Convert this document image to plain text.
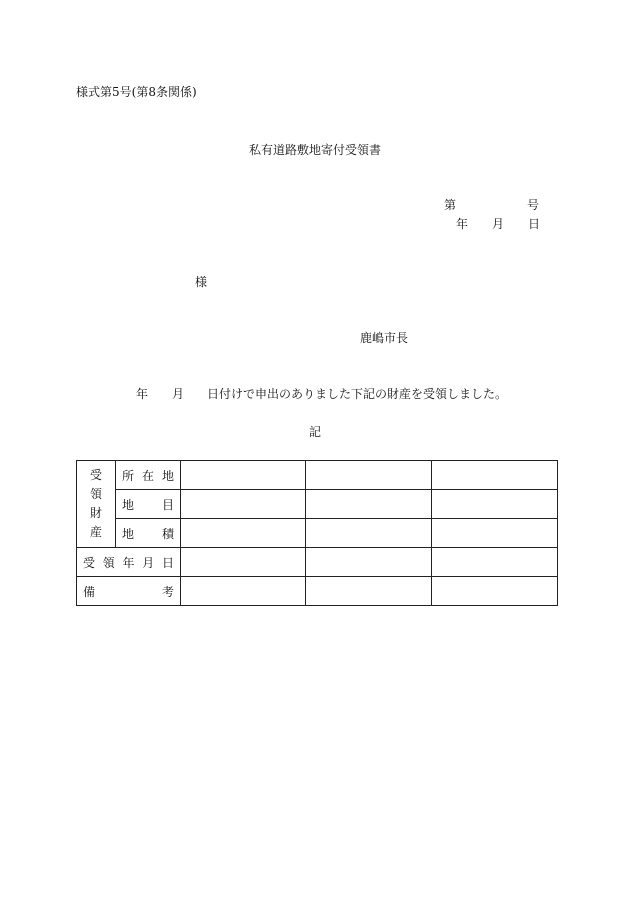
様式第5号(第8条関係)
私有道路敷地寄付受領書
第	号
年 月 日
様
鹿嶋市長
年 月 日付けで申出のありました下記の財産を受領しました。
記
受領財産	所 在 地			

	地 目			

	地 積			

受 領 年 月 日				

備 考				
